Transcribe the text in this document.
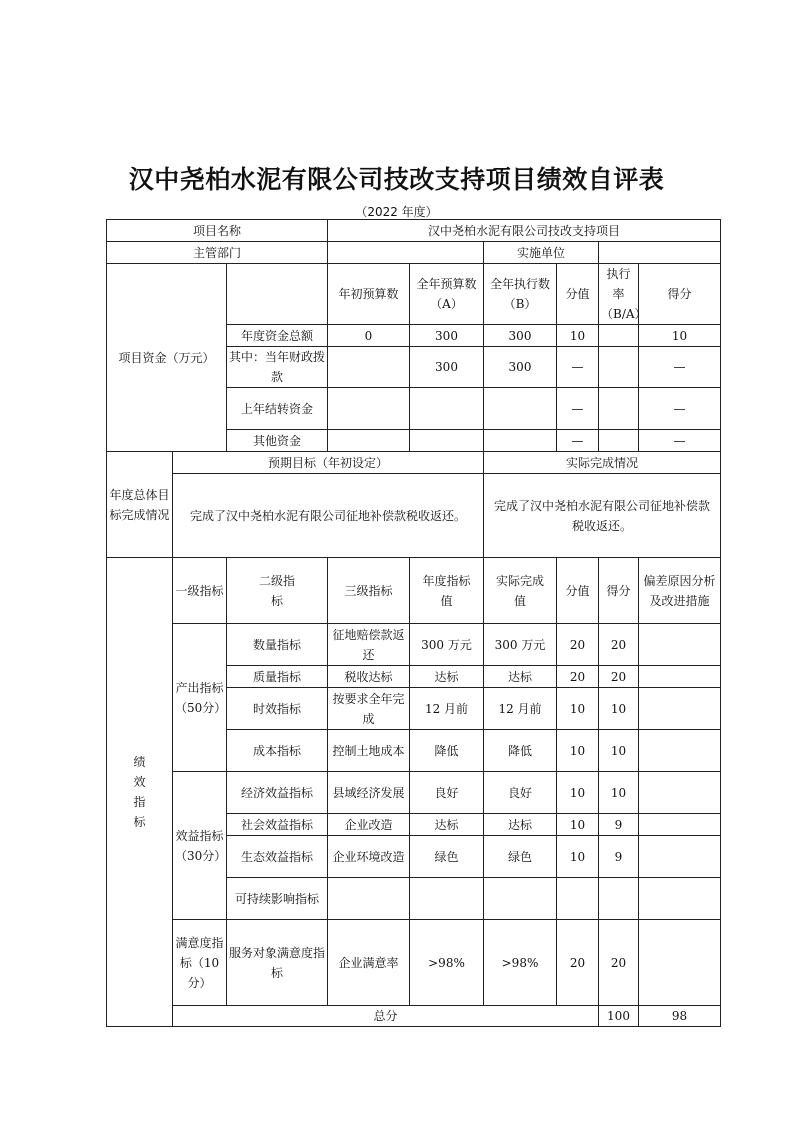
汉中尧柏水泥有限公司技改支持项目绩效自评表
（2022 年度）
项目名称			汉中尧柏水泥有限公司技改支持项目						
主管部门					实施单位				
项目资金（万元）			年初预算数	全年预算数（A）	全年执行数（B）	分值	执行率（B/A）	得分	
		年度资金总额	0	300	300	10		10	
		其中：当年财政拨款		300	300	—		—	
		上年结转资金				—		—	
		其他资金				—		—	
年度总体目标完成情况	预期目标（年初设定）				实际完成情况				
	完成了汉中尧柏水泥有限公司征地补偿款税收返还。				完成了汉中尧柏水泥有限公司征地补偿款税收返还。				
绩效指标	一级指标	二级指标	三级指标	年度指标值	实际完成值	分值	得分	偏差原因分析及改进措施	
	产出指标（50分）	数量指标	征地赔偿款返还	300 万元	300 万元	20	20		
		质量指标	税收达标	达标	达标	20	20		
		时效指标	按要求全年完成	12 月前	12 月前	10	10		
		成本指标	控制土地成本	降低	降低	10	10		
	效益指标（30分）	经济效益指标	县域经济发展	良好	良好	10	10		
		社会效益指标	企业改造	达标	达标	10	9		
		生态效益指标	企业环境改造	绿色	绿色	10	9		
		可持续影响指标							
	满意度指标（10分）	服务对象满意度指标	企业满意率	>98%	>98%	20	20		
	总分						100	98	
